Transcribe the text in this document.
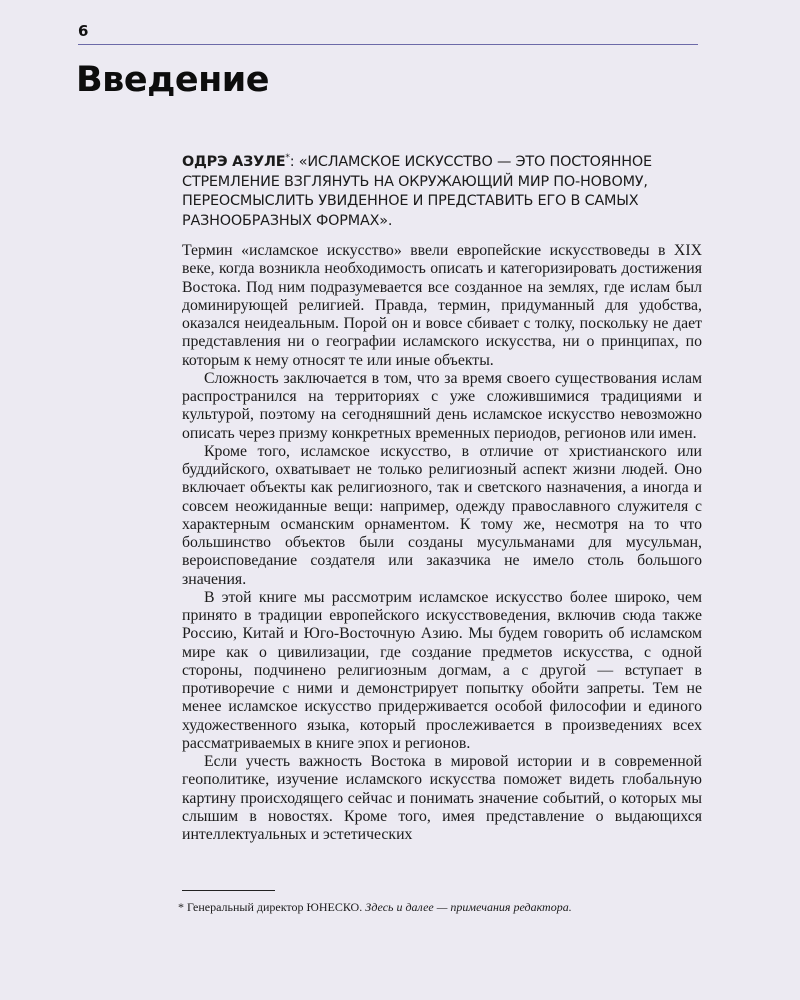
6
Введение

ОДРЭ АЗУЛЕ*: «ИСЛАМСКОЕ ИСКУССТВО — ЭТО ПОСТОЯННОЕ СТРЕМЛЕНИЕ ВЗГЛЯНУТЬ НА ОКРУЖАЮЩИЙ МИР ПО-НОВОМУ, ПЕРЕОСМЫСЛИТЬ УВИДЕННОЕ И ПРЕДСТАВИТЬ ЕГО В САМЫХ РАЗНООБРАЗНЫХ ФОРМАХ».

Термин «исламское искусство» ввели европейские искусствоведы в XIX веке, когда возникла необходимость описать и категоризировать достижения Востока. Под ним подразумевается все созданное на землях, где ислам был доминирующей религией. Правда, термин, придуманный для удобства, оказался неидеальным. Порой он и вовсе сбивает с толку, поскольку не дает представления ни о географии исламского искусства, ни о принципах, по которым к нему относят те или иные объекты.

Сложность заключается в том, что за время своего существования ислам распространился на территориях с уже сложившимися традициями и культурой, поэтому на сегодняшний день исламское искусство невозможно описать через призму конкретных временных периодов, регионов или имен.

Кроме того, исламское искусство, в отличие от христианского или буддийского, охватывает не только религиозный аспект жизни людей. Оно включает объекты как религиозного, так и светского назначения, а иногда и совсем неожиданные вещи: например, одежду православного служителя с характерным османским орнаментом. К тому же, несмотря на то что большинство объектов были созданы мусульманами для мусульман, вероисповедание создателя или заказчика не имело столь большого значения.

В этой книге мы рассмотрим исламское искусство более широко, чем принято в традиции европейского искусствоведения, включив сюда также Россию, Китай и Юго-Восточную Азию. Мы будем говорить об исламском мире как о цивилизации, где создание предметов искусства, с одной стороны, подчинено религиозным догмам, а с другой — вступает в противоречие с ними и демонстрирует попытку обойти запреты. Тем не менее исламское искусство придерживается особой философии и единого художественного языка, который прослеживается в произведениях всех рассматриваемых в книге эпох и регионов.

Если учесть важность Востока в мировой истории и в современной геополитике, изучение исламского искусства поможет видеть глобальную картину происходящего сейчас и понимать значение событий, о которых мы слышим в новостях. Кроме того, имея представление о выдающихся интеллектуальных и эстетических

* Генеральный директор ЮНЕСКО. Здесь и далее — примечания редактора.
